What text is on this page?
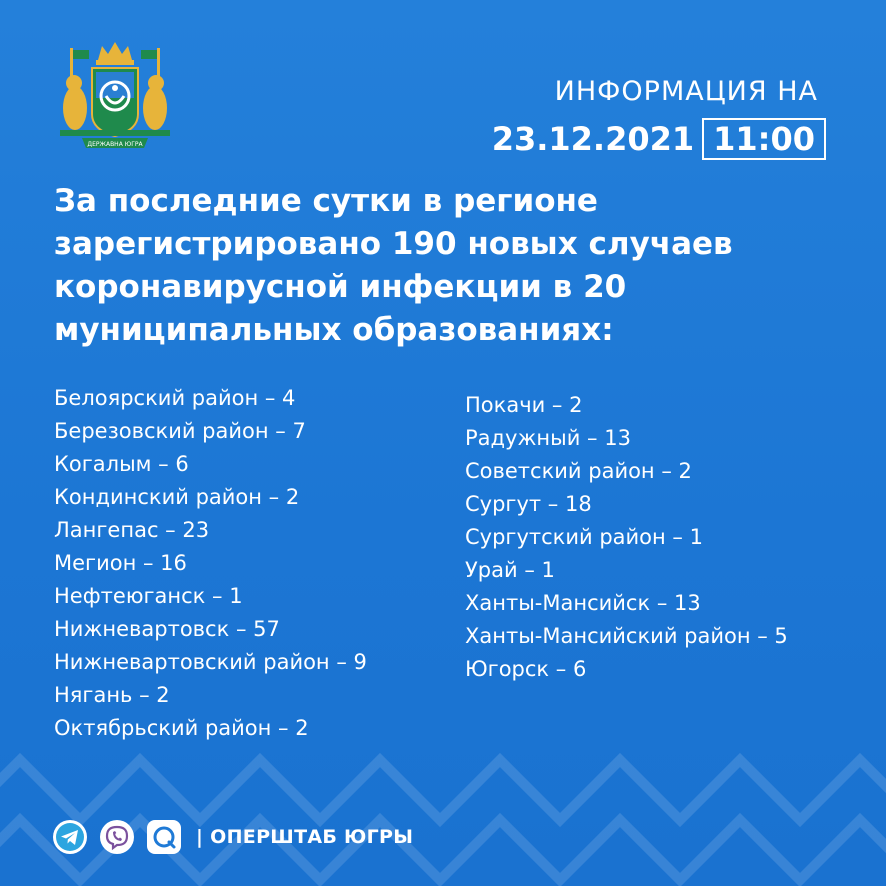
ДЕРЖАВНА ЮГРА
ИНФОРМАЦИЯ НА
23.12.2021 11:00
За последние сутки в регионе
зарегистрировано 190 новых случаев
коронавирусной инфекции в 20
муниципальных образованиях:
Белоярский район – 4
Березовский район – 7
Когалым – 6
Кондинский район – 2
Лангепас – 23
Мегион – 16
Нефтеюганск – 1
Нижневартовск – 57
Нижневартовский район – 9
Нягань – 2
Октябрьский район – 2
Покачи – 2
Радужный – 13
Советский район – 2
Сургут – 18
Сургутский район – 1
Урай – 1
Ханты-Мансийск – 13
Ханты-Мансийский район – 5
Югорск – 6
| ОПЕРШТАБ ЮГРЫ
